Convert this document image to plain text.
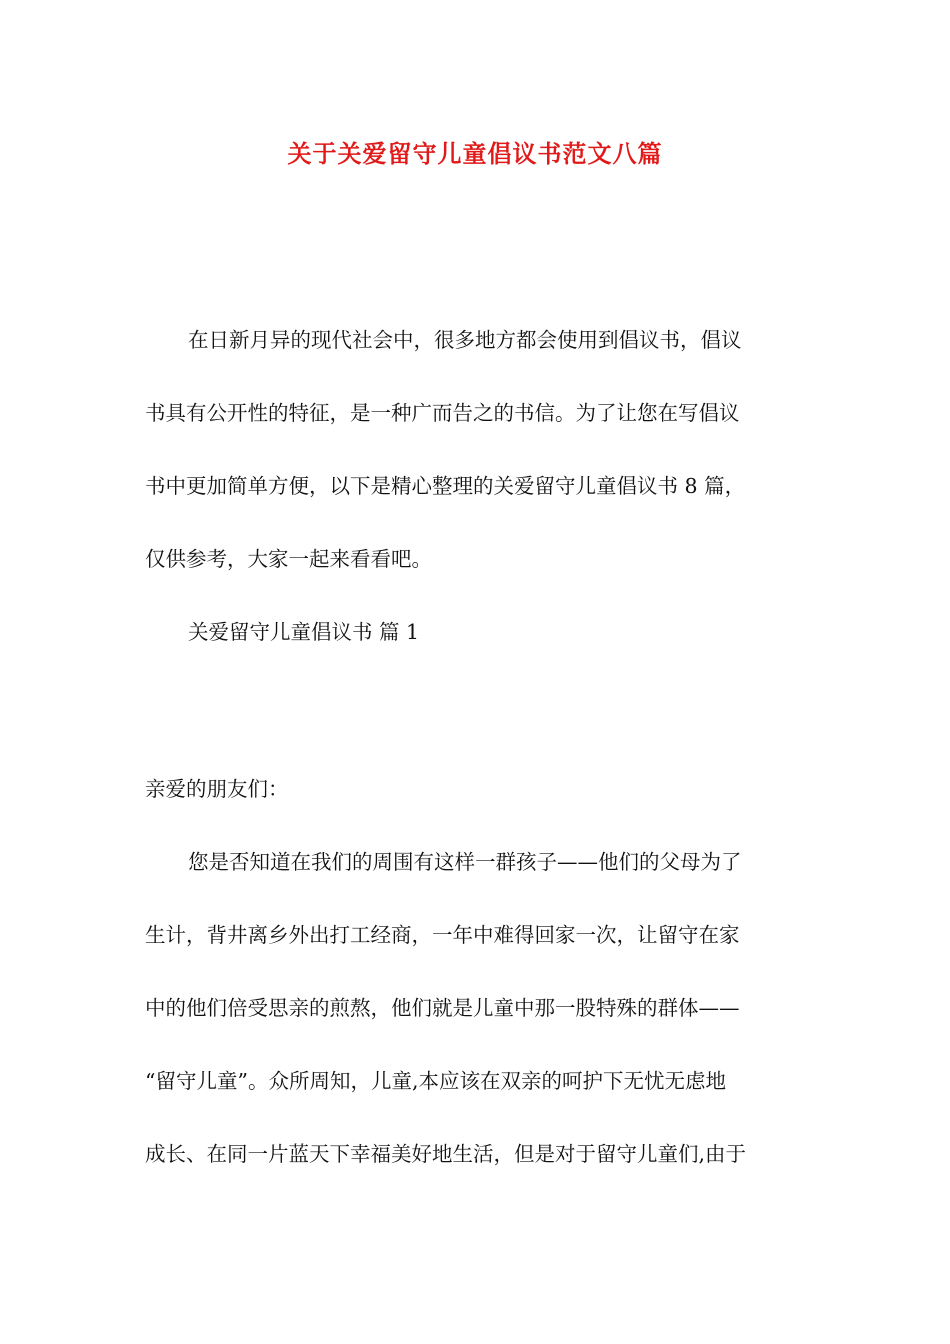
关于关爱留守儿童倡议书范文八篇
在日新月异的现代社会中，很多地方都会使用到倡议书，倡议
书具有公开性的特征，是一种广而告之的书信。为了让您在写倡议
书中更加简单方便，以下是精心整理的关爱留守儿童倡议书 8 篇，
仅供参考，大家一起来看看吧。
关爱留守儿童倡议书 篇 1
亲爱的朋友们：
您是否知道在我们的周围有这样一群孩子——他们的父母为了
生计，背井离乡外出打工经商，一年中难得回家一次，让留守在家
中的他们倍受思亲的煎熬，他们就是儿童中那一股特殊的群体——
“留守儿童”。众所周知，儿童,本应该在双亲的呵护下无忧无虑地
成长、在同一片蓝天下幸福美好地生活，但是对于留守儿童们,由于
